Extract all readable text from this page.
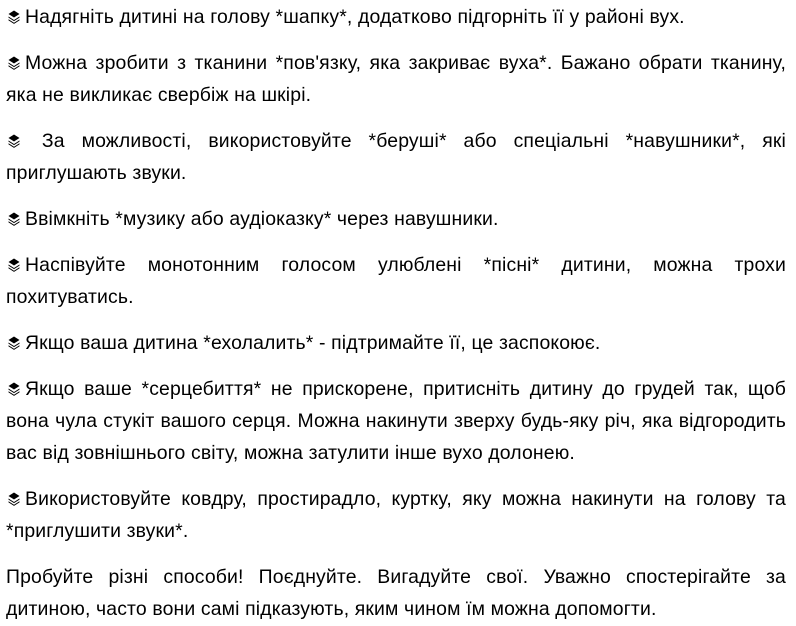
Надягніть дитині на голову *шапку*, додатково підгорніть її у районі вух.

Можна зробити з тканини *пов'язку, яка закриває вуха*. Бажано обрати тканину, яка не викликає свербіж на шкірі.

За можливості, використовуйте *беруші* або спеціальні *навушники*, які приглушають звуки.

Ввімкніть *музику або аудіоказку* через навушники.

Наспівуйте монотонним голосом улюблені *пісні* дитини, можна трохи похитуватись.

Якщо ваша дитина *ехолалить* - підтримайте її, це заспокоює.

Якщо ваше *серцебиття* не прискорене, притисніть дитину до грудей так, щоб вона чула стукіт вашого серця. Можна накинути зверху будь-яку річ, яка відгородить вас від зовнішнього світу, можна затулити інше вухо долонею.

Використовуйте ковдру, простирадло, куртку, яку можна накинути на голову та *приглушити звуки*.

Пробуйте різні способи! Поєднуйте. Вигадуйте свої. Уважно спостерігайте за дитиною, часто вони самі підказують, яким чином їм можна допомогти.
